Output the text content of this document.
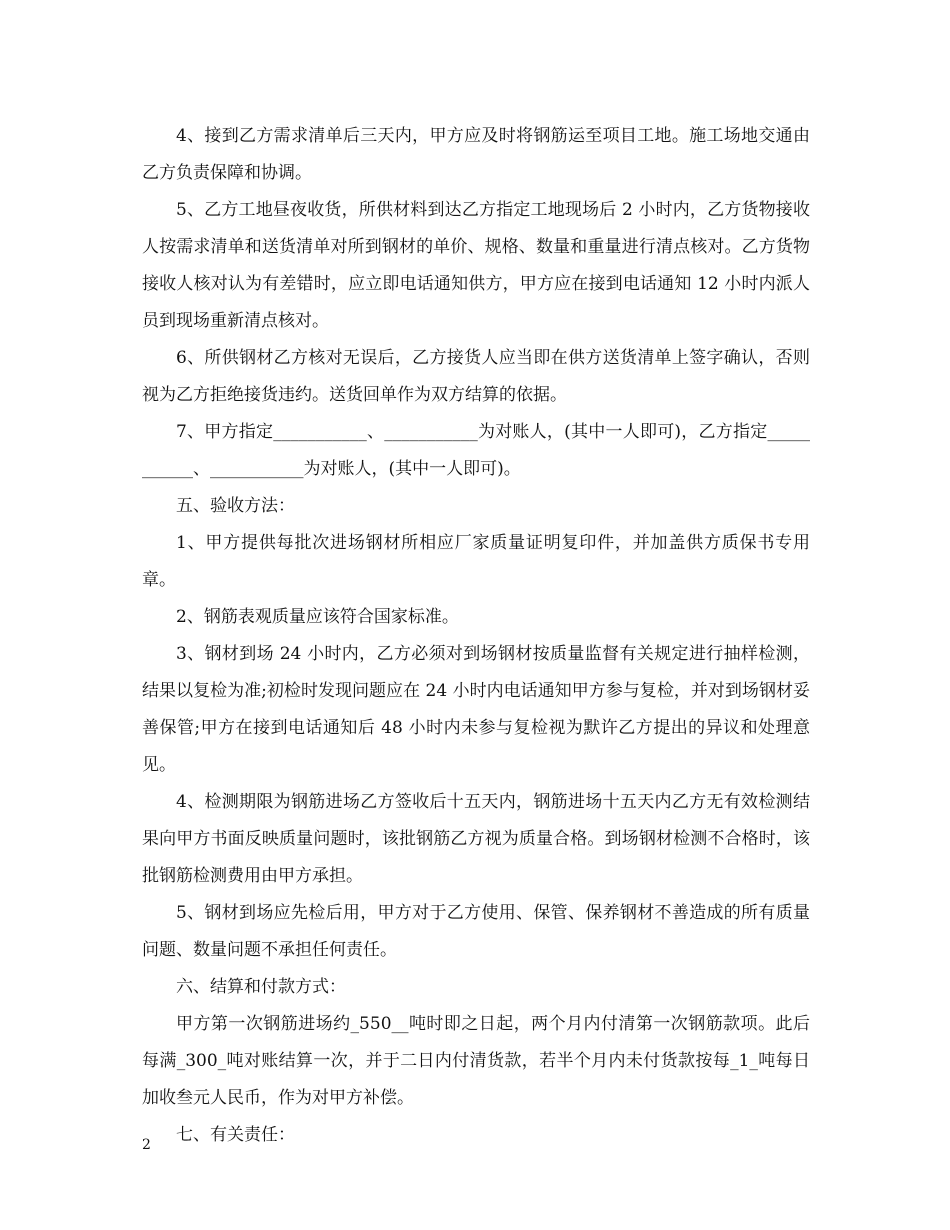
4、接到乙方需求清单后三天内，甲方应及时将钢筋运至项目工地。施工场地交通由乙方负责保障和协调。

5、乙方工地昼夜收货，所供材料到达乙方指定工地现场后 2 小时内，乙方货物接收人按需求清单和送货清单对所到钢材的单价、规格、数量和重量进行清点核对。乙方货物接收人核对认为有差错时，应立即电话通知供方，甲方应在接到电话通知 12 小时内派人员到现场重新清点核对。

6、所供钢材乙方核对无误后，乙方接货人应当即在供方送货清单上签字确认，否则视为乙方拒绝接货违约。送货回单作为双方结算的依据。

7、甲方指定___________、___________为对账人，(其中一人即可)，乙方指定___________、___________为对账人，(其中一人即可)。

五、验收方法：

1、甲方提供每批次进场钢材所相应厂家质量证明复印件，并加盖供方质保书专用章。

2、钢筋表观质量应该符合国家标准。

3、钢材到场 24 小时内，乙方必须对到场钢材按质量监督有关规定进行抽样检测，结果以复检为准;初检时发现问题应在 24 小时内电话通知甲方参与复检，并对到场钢材妥善保管;甲方在接到电话通知后 48 小时内未参与复检视为默许乙方提出的异议和处理意见。

4、检测期限为钢筋进场乙方签收后十五天内，钢筋进场十五天内乙方无有效检测结果向甲方书面反映质量问题时，该批钢筋乙方视为质量合格。到场钢材检测不合格时，该批钢筋检测费用由甲方承担。

5、钢材到场应先检后用，甲方对于乙方使用、保管、保养钢材不善造成的所有质量问题、数量问题不承担任何责任。

六、结算和付款方式：

甲方第一次钢筋进场约_550__吨时即之日起，两个月内付清第一次钢筋款项。此后每满_300_吨对账结算一次，并于二日内付清货款，若半个月内未付货款按每_1_吨每日加收叁元人民币，作为对甲方补偿。

七、有关责任：

2
